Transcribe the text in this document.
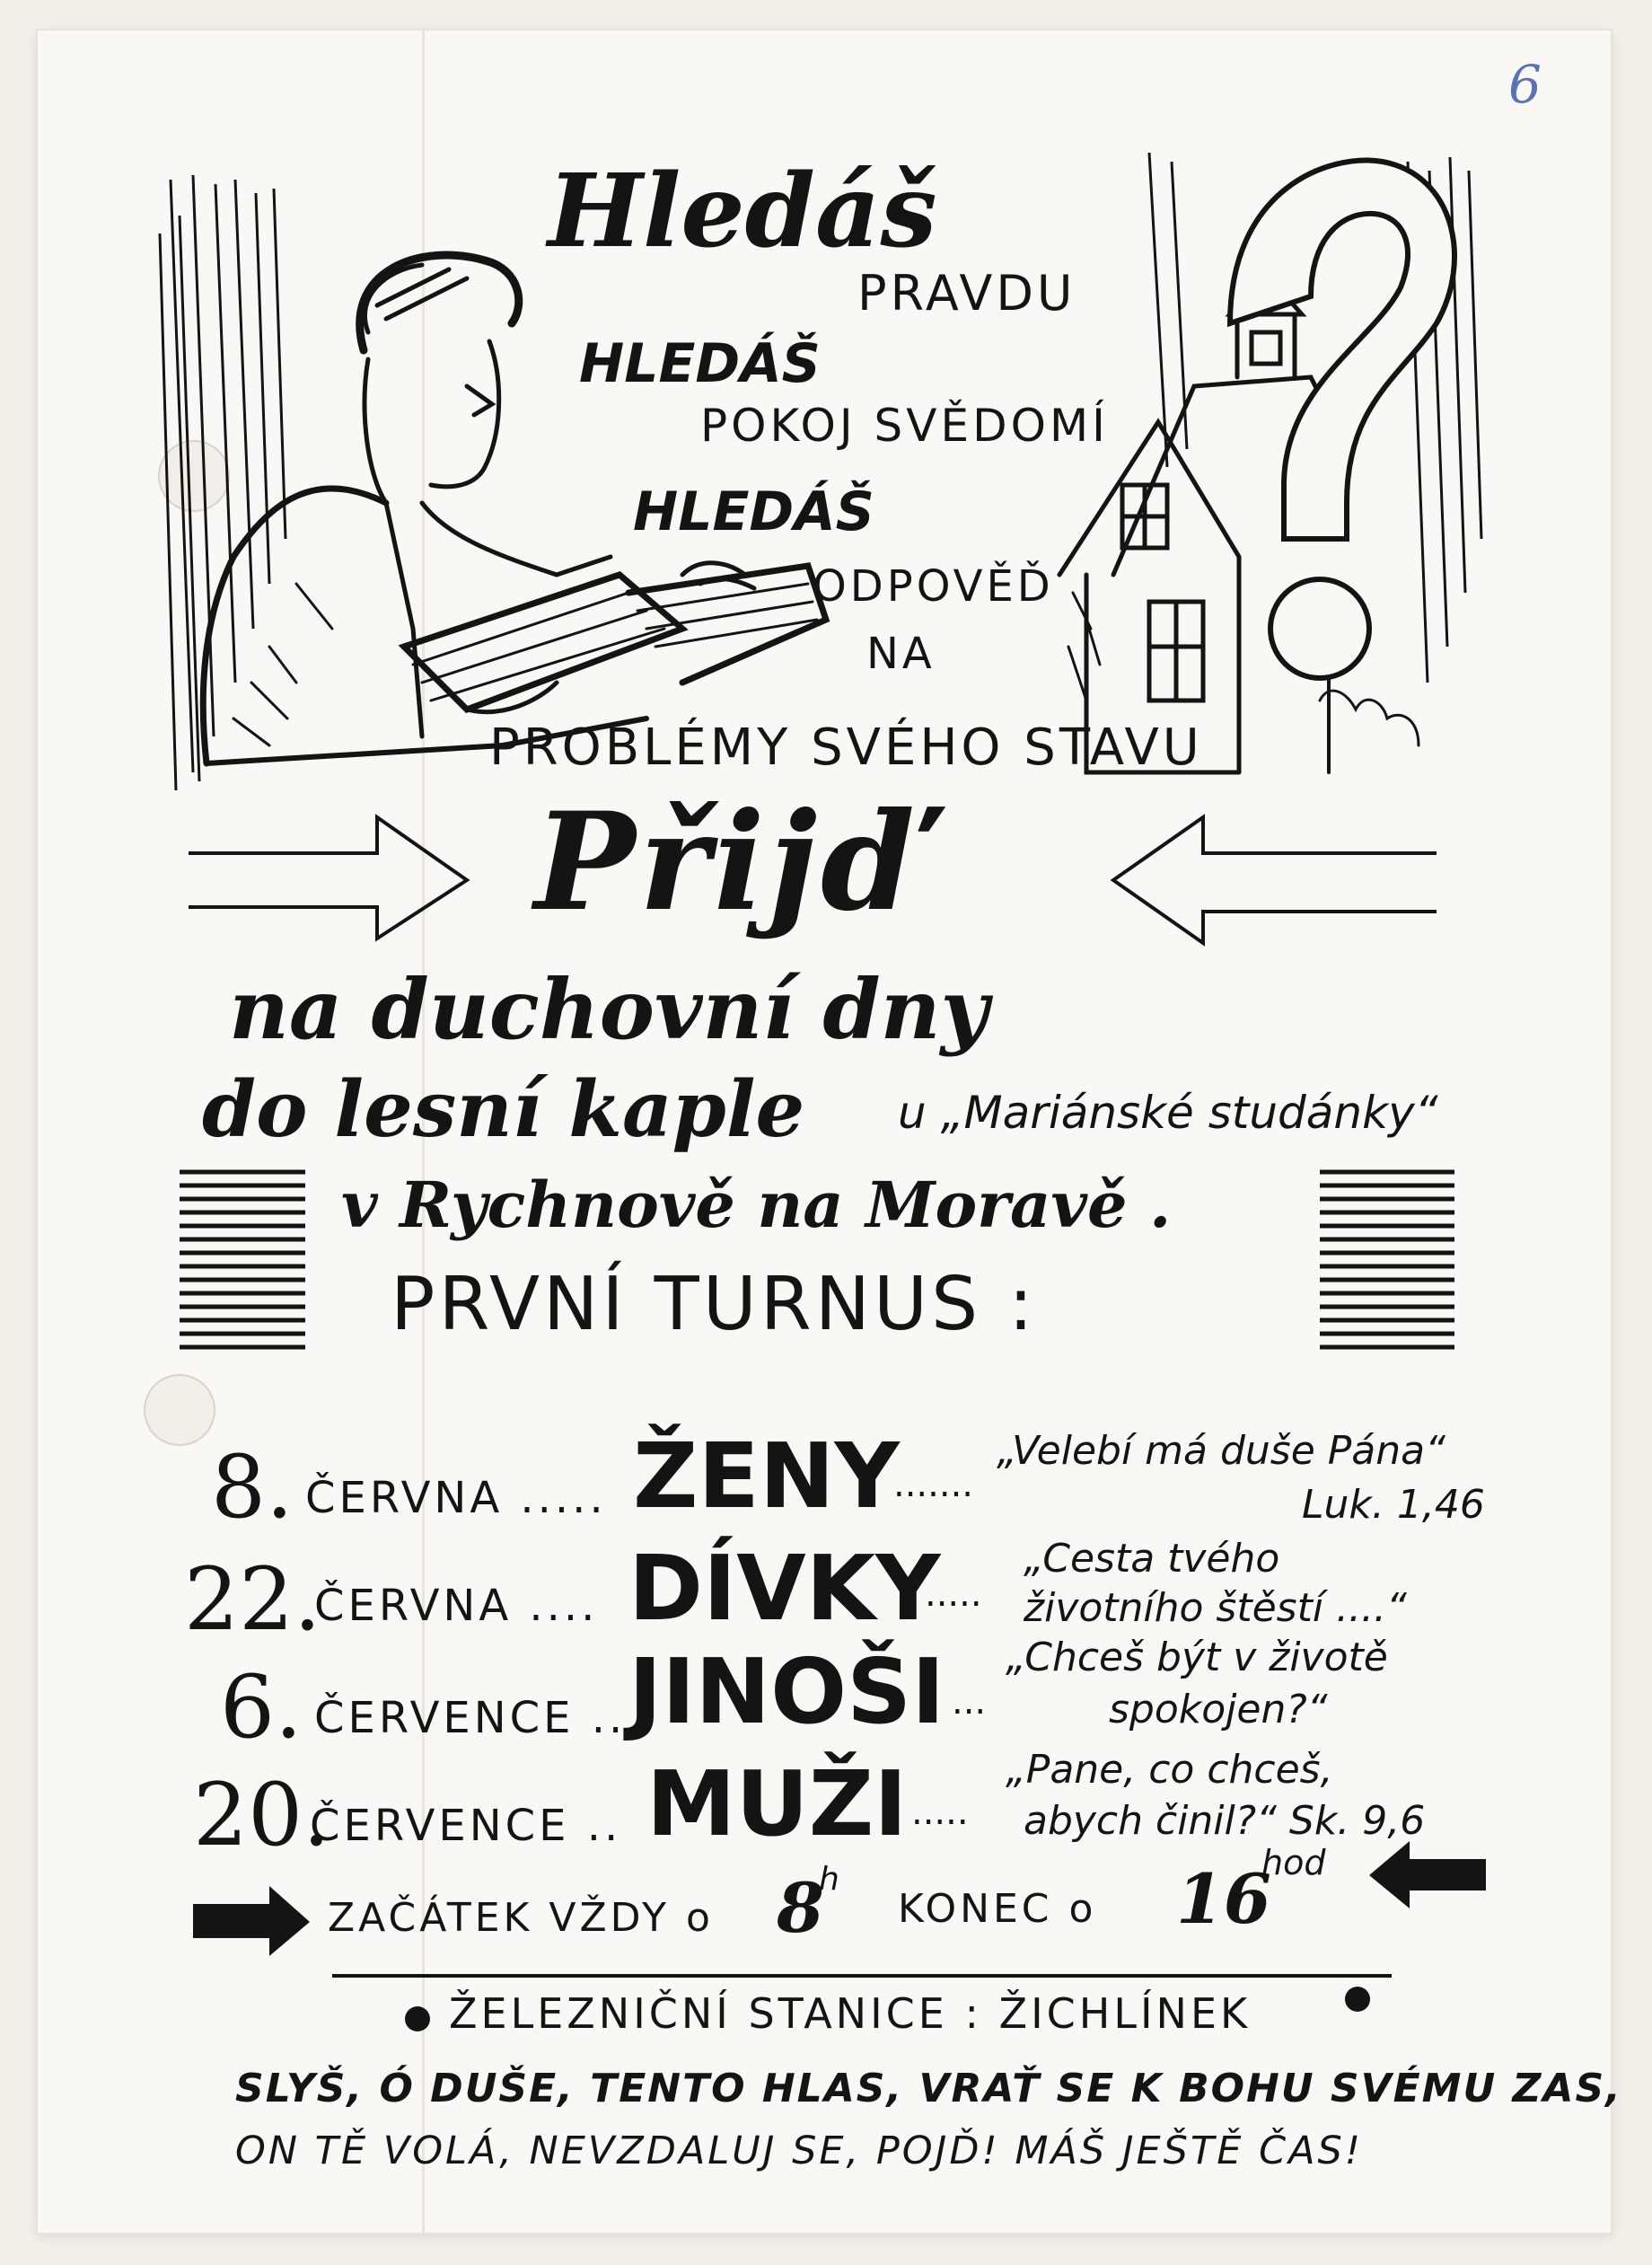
6
Hledáš
PRAVDU
HLEDÁŠ
POKOJ SVĚDOMÍ
HLEDÁŠ
ODPOVĚĎ
NA
PROBLÉMY SVÉHO STAVU
Přijď
na duchovní dny
do lesní kaple u „Mariánské studánky“
v Rychnově na Moravě .
PRVNÍ TURNUS :
8. ČERVNA ..... ŽENY
.......
„Velebí má duše Pána“
Luk. 1,46
22.
ČERVNA .... DÍVKY
.....
„Cesta tvého
životního štěstí ....“
6. ČERVENCE ...
JINOŠI ...
„Chceš být v životě
spokojen?“
20.
ČERVENCE .. MUŽI .....
„Pane, co chceš,
abych činil?“ Sk. 9,6
ZAČÁTEK VŽDY o 8
h
KONEC o 16
hod
ŽELEZNIČNÍ STANICE : ŽICHLÍNEK
SLYŠ, Ó DUŠE, TENTO HLAS, VRAŤ SE K BOHU SVÉMU ZAS,
ON TĚ VOLÁ, NEVZDALUJ SE, POJĎ! MÁŠ JEŠTĚ ČAS!
